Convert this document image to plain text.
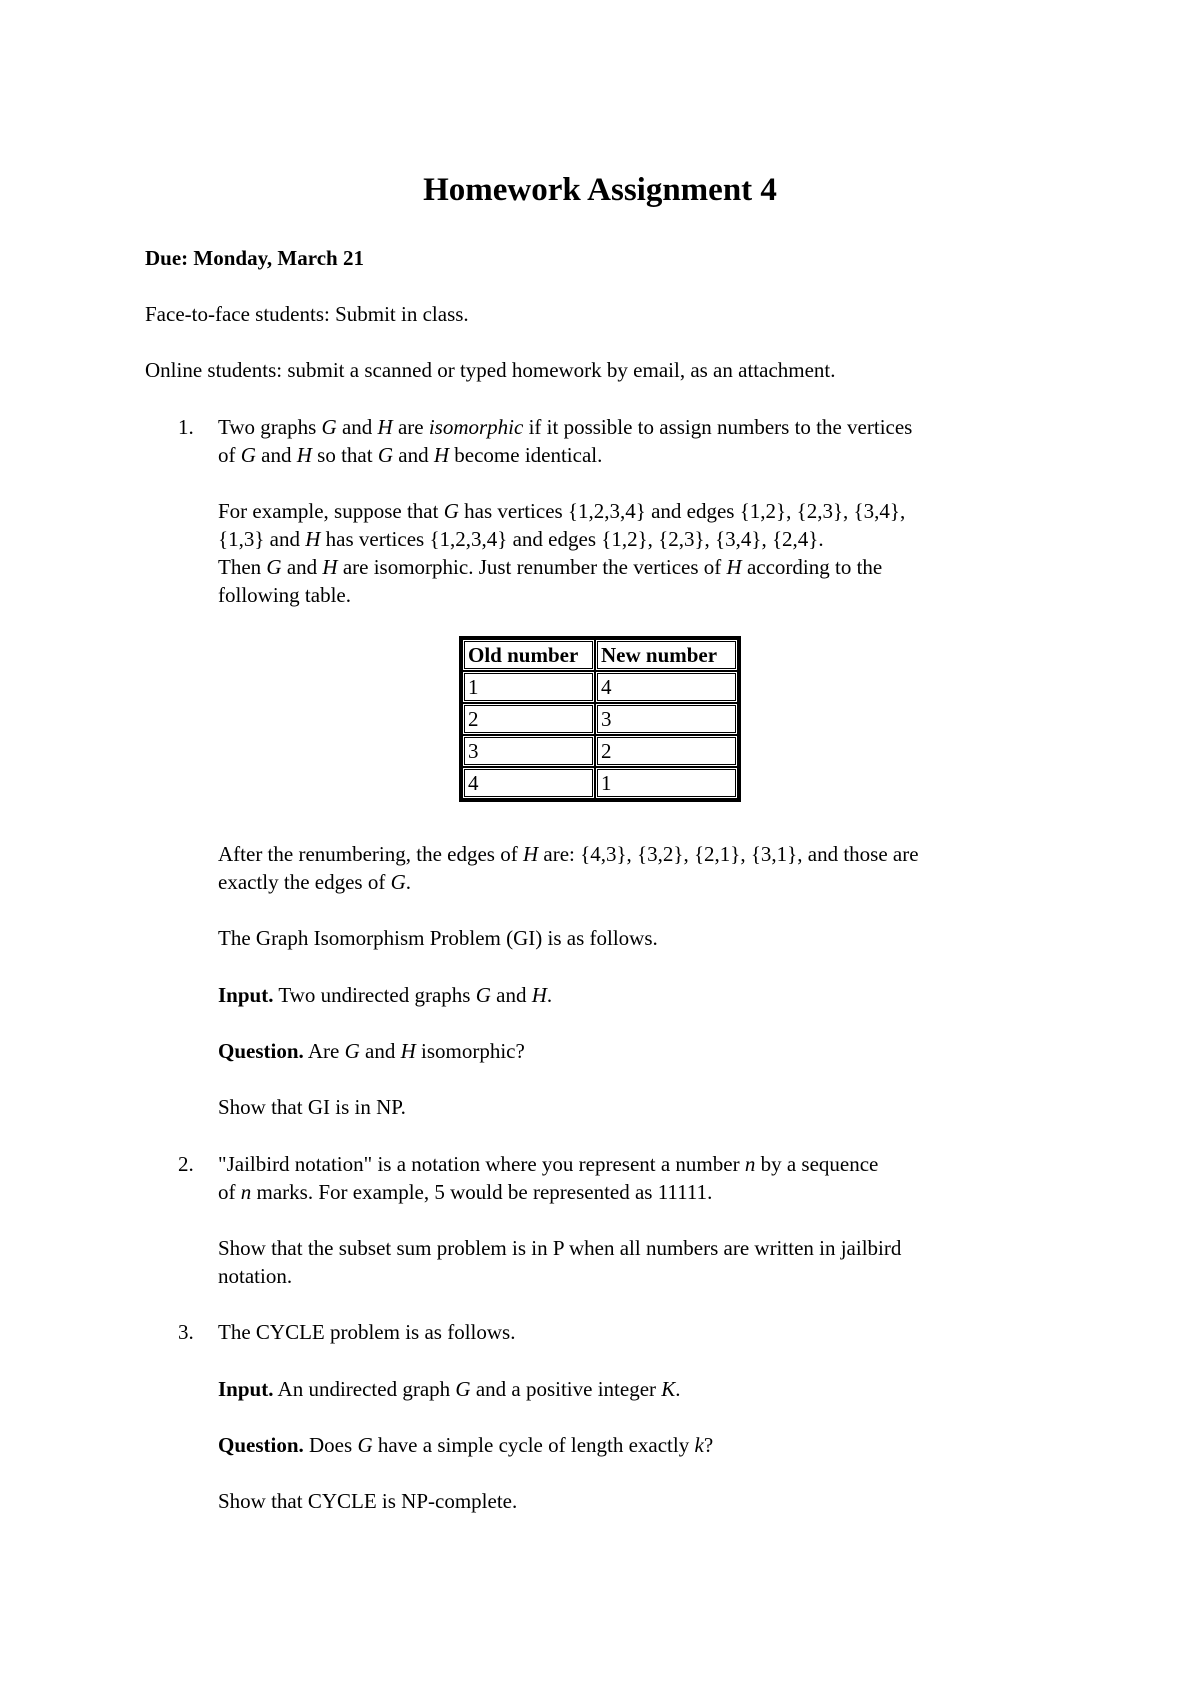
Homework Assignment 4
Due: Monday, March 21
Face-to-face students: Submit in class.
Online students: submit a scanned or typed homework by email, as an attachment.
1. Two graphs G and H are isomorphic if it possible to assign numbers to the vertices
of G and H so that G and H become identical.
For example, suppose that G has vertices {1,2,3,4} and edges {1,2}, {2,3}, {3,4},
{1,3} and H has vertices {1,2,3,4} and edges {1,2}, {2,3}, {3,4}, {2,4}.
Then G and H are isomorphic. Just renumber the vertices of H according to the
following table.
Old number	New number
1	4
2	3
3	2
4	1
After the renumbering, the edges of H are: {4,3}, {3,2}, {2,1}, {3,1}, and those are
exactly the edges of G.
The Graph Isomorphism Problem (GI) is as follows.
Input. Two undirected graphs G and H.
Question. Are G and H isomorphic?
Show that GI is in NP.
2. "Jailbird notation" is a notation where you represent a number n by a sequence
of n marks. For example, 5 would be represented as 11111.
Show that the subset sum problem is in P when all numbers are written in jailbird
notation.
3. The CYCLE problem is as follows.
Input. An undirected graph G and a positive integer K.
Question. Does G have a simple cycle of length exactly k?
Show that CYCLE is NP-complete.
